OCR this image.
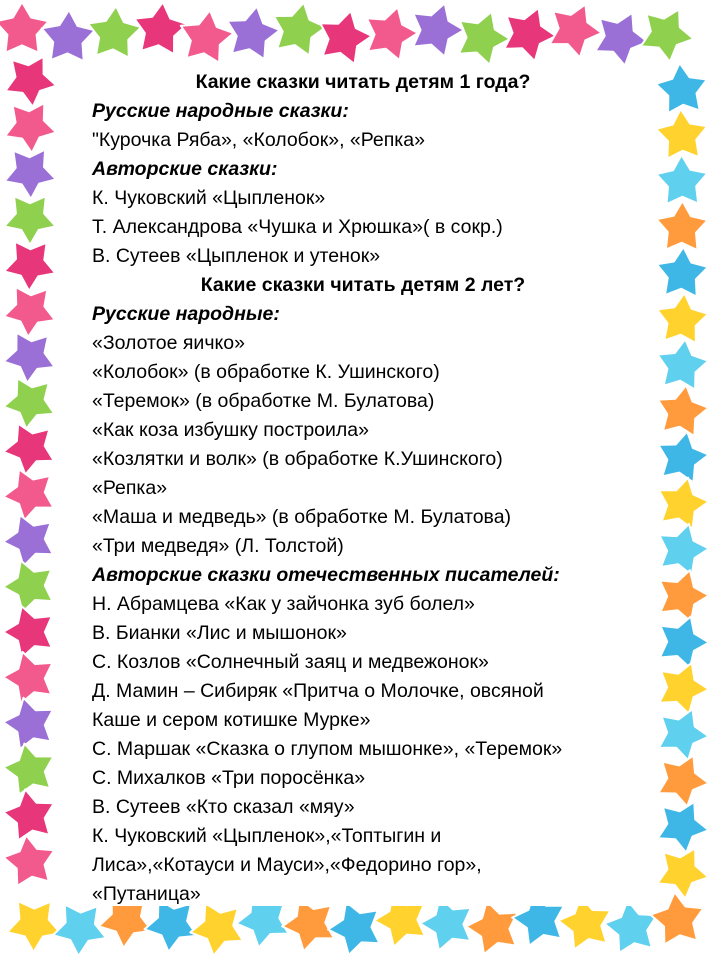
Какие сказки читать детям 1 года?
Русские народные сказки:
"Курочка Ряба», «Колобок», «Репка»
Авторские сказки:
К. Чуковский «Цыпленок»
Т. Александрова «Чушка и Хрюшка»( в сокр.)
В. Сутеев «Цыпленок и утенок»
Какие сказки читать детям 2 лет?
Русские народные:
«Золотое яичко»
«Колобок» (в обработке К. Ушинского)
«Теремок» (в обработке М. Булатова)
«Как коза избушку построила»
«Козлятки и волк» (в обработке К.Ушинского)
«Репка»
«Маша и медведь» (в обработке М. Булатова)
«Три медведя» (Л. Толстой)
Авторские сказки отечественных писателей:
Н. Абрамцева «Как у зайчонка зуб болел»
В. Бианки «Лис и мышонок»
С. Козлов «Солнечный заяц и медвежонок»
Д. Мамин – Сибиряк «Притча о Молочке, овсяной
Каше и сером котишке Мурке»
С. Маршак «Сказка о глупом мышонке», «Теремок»
С. Михалков «Три поросёнка»
В. Сутеев «Кто сказал «мяу»
К. Чуковский «Цыпленок»,«Топтыгин и
Лиса»,«Котауси и Мауси»,«Федорино гор»,
«Путаница»
